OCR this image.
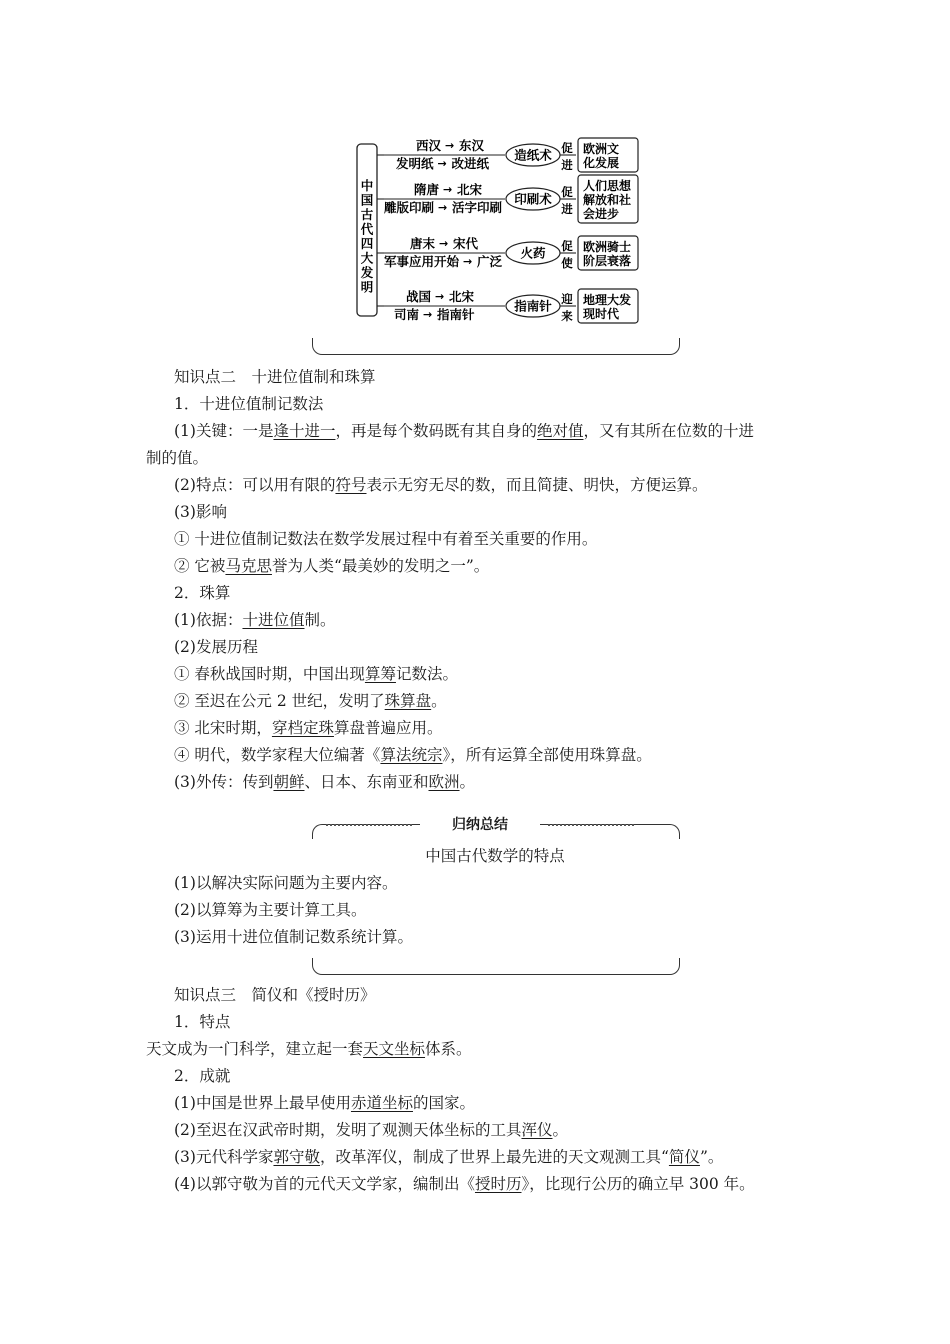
中
国
古
代
四
大
发
明
西汉 → 东汉
发明纸 → 改进纸
造纸术 促
进
欧洲文
化发展
隋唐 → 北宋
雕版印刷 → 活字印刷
印刷术 促
进
人们思想
解放和社
会进步
唐末 → 宋代
军事应用开始 → 广泛
火药 促
使
欧洲骑士
阶层衰落
战国 → 北宋
司南 → 指南针
指南针 迎
来
地理大发
现时代
知识点二　十进位值制和珠算
1．十进位值制记数法
(1)关键：一是逢十进一，再是每个数码既有其自身的绝对值，又有其所在位数的十进
制的值。
(2)特点：可以用有限的符号表示无穷无尽的数，而且简捷、明快，方便运算。
(3)影响
① 十进位值制记数法在数学发展过程中有着至关重要的作用。
② 它被马克思誉为人类“最美妙的发明之一”。
2．珠算
(1)依据：十进位值制。
(2)发展历程
① 春秋战国时期，中国出现算筹记数法。
② 至迟在公元 2 世纪，发明了珠算盘。
③ 北宋时期，穿档定珠算盘普遍应用。
④ 明代，数学家程大位编著《算法统宗》，所有运算全部使用珠算盘。
(3)外传：传到朝鲜、日本、东南亚和欧洲。
归纳总结
中国古代数学的特点
(1)以解决实际问题为主要内容。
(2)以算筹为主要计算工具。
(3)运用十进位值制记数系统计算。
知识点三　简仪和《授时历》
1．特点
天文成为一门科学，建立起一套天文坐标体系。
2．成就
(1)中国是世界上最早使用赤道坐标的国家。
(2)至迟在汉武帝时期，发明了观测天体坐标的工具浑仪。
(3)元代科学家郭守敬，改革浑仪，制成了世界上最先进的天文观测工具“简仪”。
(4)以郭守敬为首的元代天文学家，编制出《授时历》，比现行公历的确立早 300 年。
